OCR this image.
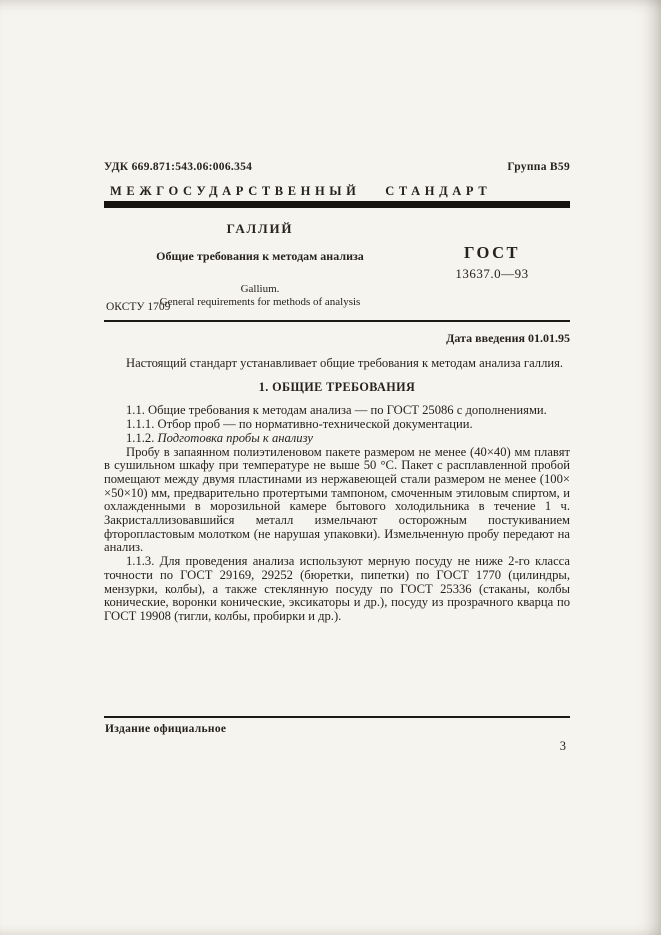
УДК 669.871:543.06:006.354	Группа В59
МЕЖГОСУДАРСТВЕННЫЙ СТАНДАРТ
ГАЛЛИЙ
Общие требования к методам анализа
Gallium.
General requirements for methods of analysis
ГОСТ
13637.0—93
ОКСТУ 1709
Дата введения 01.01.95

Настоящий стандарт устанавливает общие требования к методам анализа галлия.

1. ОБЩИЕ ТРЕБОВАНИЯ

1.1. Общие требования к методам анализа — по ГОСТ 25086 с дополнениями.

1.1.1. Отбор проб — по нормативно-технической документации.

1.1.2. Подготовка пробы к анализу

Пробу в запаянном полиэтиленовом пакете размером не менее (40×40) мм плавят в сушильном шкафу при температуре не выше 50 °С. Пакет с расплавленной пробой помещают между двумя пластинами из нержавеющей стали размером не менее (100× ×50×10) мм, предварительно протертыми тампоном, смоченным этиловым спиртом, и охлажденными в морозильной камере бытового холодильника в течение 1 ч. Закристаллизовавшийся металл измельчают осторожным постукиванием фторопластовым молотком (не нарушая упаковки). Измельченную пробу передают на анализ.

1.1.3. Для проведения анализа используют мерную посуду не ниже 2-го класса точности по ГОСТ 29169, 29252 (бюретки, пипетки) по ГОСТ 1770 (цилиндры, мензурки, колбы), а также стеклянную посуду по ГОСТ 25336 (стаканы, колбы конические, воронки конические, эксикаторы и др.), посуду из прозрачного кварца по ГОСТ 19908 (тигли, колбы, пробирки и др.).

Издание официальное
3
